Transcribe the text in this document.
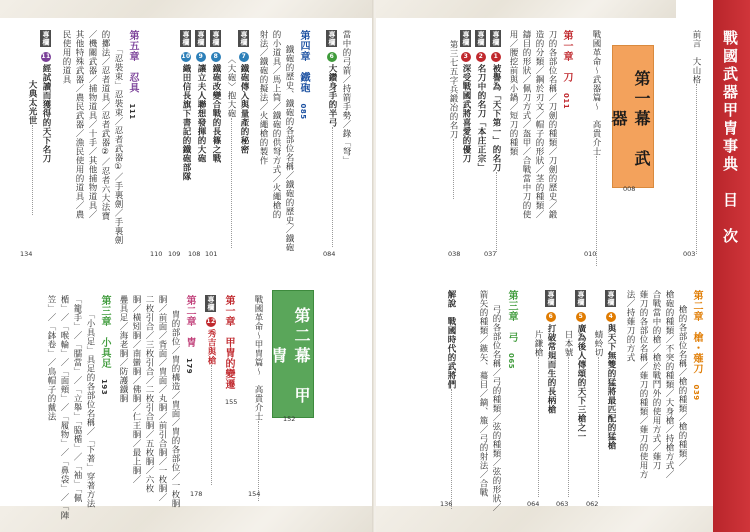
戰國武器甲冑事典　目　次
前言　大山格
003
第一幕　武　器
008
戰國革命～武器篇～　高貴介士
010
第一章　刀　011
刀的各部位名稱／刀劍的種類／刀劍的歷史／鍛
造的分類／鋼於刃文／帽子的形狀／茎的種類／
鑄目的形狀／佩刀方式／盔甲／合戰當中刀的使
用／腰挖前與小鍋／短刀的種類
專欄1被譽為「天下第一」的名刀
037
專欄2名刀中的名刀「本庄正宗」
專欄3深受戰國武將喜愛的優刀
第三七五字兵鍛冶的名刀
038
第二章　槍・薙刀　039
槍的各部位名稱／槍的種類／槍的種類／
槍砲的種類／不突的種類／大身槍／持槍方式／
合戰當中的槍／槍於戰鬥外的使用方式／薙刀
薙刀的各部位名稱／薙刀的種類／薙刀的使用方
法／持薙刀的方式
專欄4與天下無雙的猛將最匹配的猛槍
蜻蛉切
062
專欄5廣為後人傳頌的天下三槍之一
日本號
063
專欄6打破常規而生的長柄槍
片鎌槍
064
第三章　弓　065
弓的各部位名稱／弓的種類／弦的種類／弦的形狀／
箭矢的種類／鏃矢、蟇目／鏑、箙／弓的射法／合戰
解說　戰國時代的武將們
136
當中的弓箭／持箭手勢／錄「弩」
專欄6大鑽身手的半弓
084
第四章　鐵砲　085
鐵砲的歷史、鐵砲的各部位名稱／鐵砲的歷史／鐵砲
的小道具／馬上筒／鐵砲的供弩方式／火繩槍的
射法／鐵砲的擬法／火繩槍的製作
專欄7鐵砲傳入與量產的秘密
〈大砲〉抱大砲
101
專欄8鐵砲改變合戰的長篠之戰
專欄9讓立夫人聯想發揮的大砲
專欄10織田信長旗下書記的鐵砲部隊
108
109
110
第五章　忍具　111
「忍裝束」忍裝束／忍者武器①／手裏劍／手裏劍
的擲法／忍者道具／忍者武器②／忍者六大法寶
／機關武器／捕物道具／十手／其他捕物道具／
其他特殊武器／農民武器／漁民使用的道具／農
民使用的道具
專欄11經試讀而獲得的天下名刀
大典太光世
134
第二幕　甲　冑
152
戰國革命～甲冑篇～　高貴介士
154
第一章　甲冑的變遷
155
專欄12秀吉與槍
178
第二章　冑　179
冑的部位／冑的構造／冑面／冑的各部位／一枚胴
胴／前面／背面／冑面／丸胴／前引合胴／一枚胴／
二枚引合／三枚引合／二枚引合胴／五枚胴／六枚
胴／橫矧胴／南蠻胴／佛胴／仁王胴／最上胴／
疊具足／海老胴／防護鐵胴
第三章　小具足　193
「小具足」具足的各部位名稱／「下著」穿著方法
「籠手」／「臑當」／「立舉」「脇楯」／「袖」「佩
楯」／「喉輪」／「面頰」／「履物」／「鼻袋」／「陣
笠」／「鉢卷」／鳥帽子的戴法
